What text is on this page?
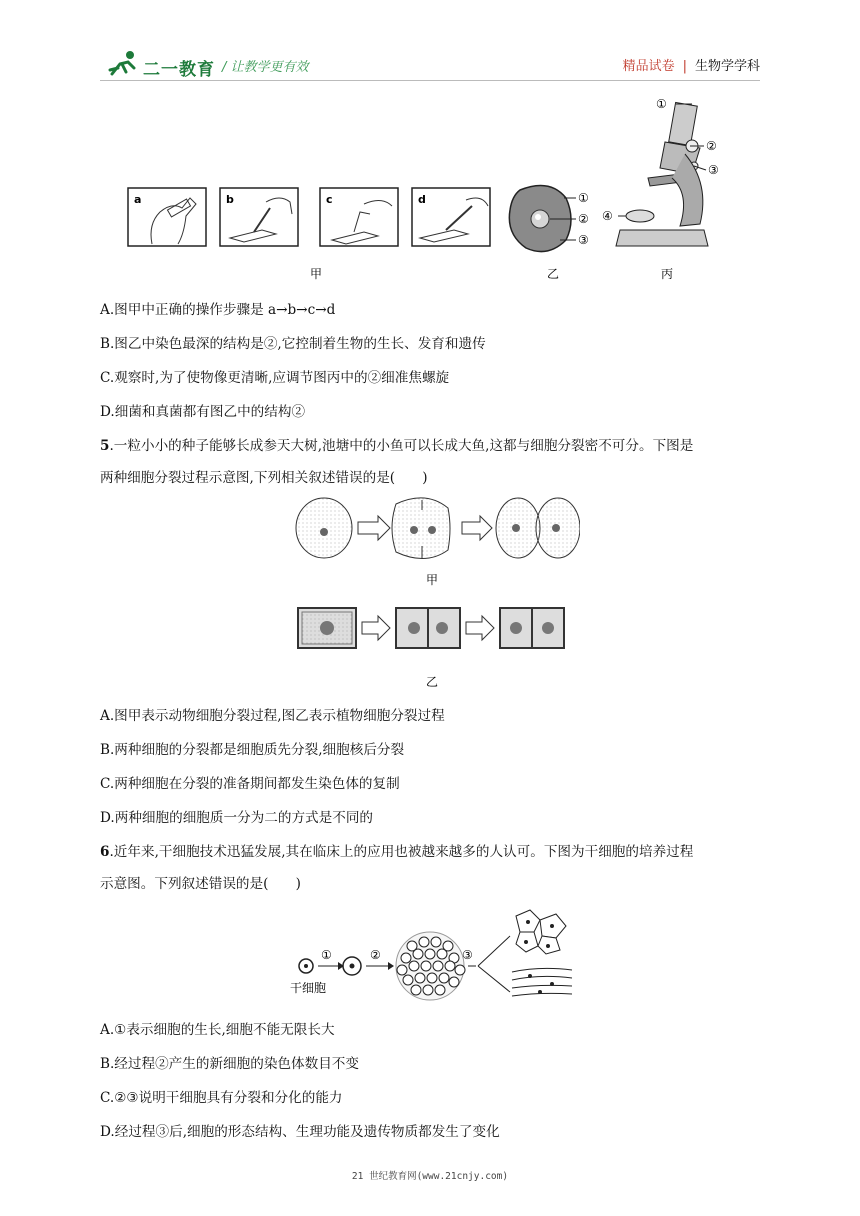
二一教育 / 让教学更有效	精品试卷 | 生物学学科
a	b	c	d	①
②
③
①
②
③
④
甲	乙	丙
A.图甲中正确的操作步骤是 a→b→c→d
B.图乙中染色最深的结构是②,它控制着生物的生长、发育和遗传
C.观察时,为了使物像更清晰,应调节图丙中的②细准焦螺旋
D.细菌和真菌都有图乙中的结构②
5.一粒小小的种子能够长成参天大树,池塘中的小鱼可以长成大鱼,这都与细胞分裂密不可分。下图是
两种细胞分裂过程示意图,下列相关叙述错误的是(　　)
甲
乙
A.图甲表示动物细胞分裂过程,图乙表示植物细胞分裂过程
B.两种细胞的分裂都是细胞质先分裂,细胞核后分裂
C.两种细胞在分裂的准备期间都发生染色体的复制
D.两种细胞的细胞质一分为二的方式是不同的
6.近年来,干细胞技术迅猛发展,其在临床上的应用也被越来越多的人认可。下图为干细胞的培养过程
示意图。下列叙述错误的是(　　)
①	②	③
干细胞
A.①表示细胞的生长,细胞不能无限长大
B.经过程②产生的新细胞的染色体数目不变
C.②③说明干细胞具有分裂和分化的能力
D.经过程③后,细胞的形态结构、生理功能及遗传物质都发生了变化
21 世纪教育网(www.21cnjy.com)
